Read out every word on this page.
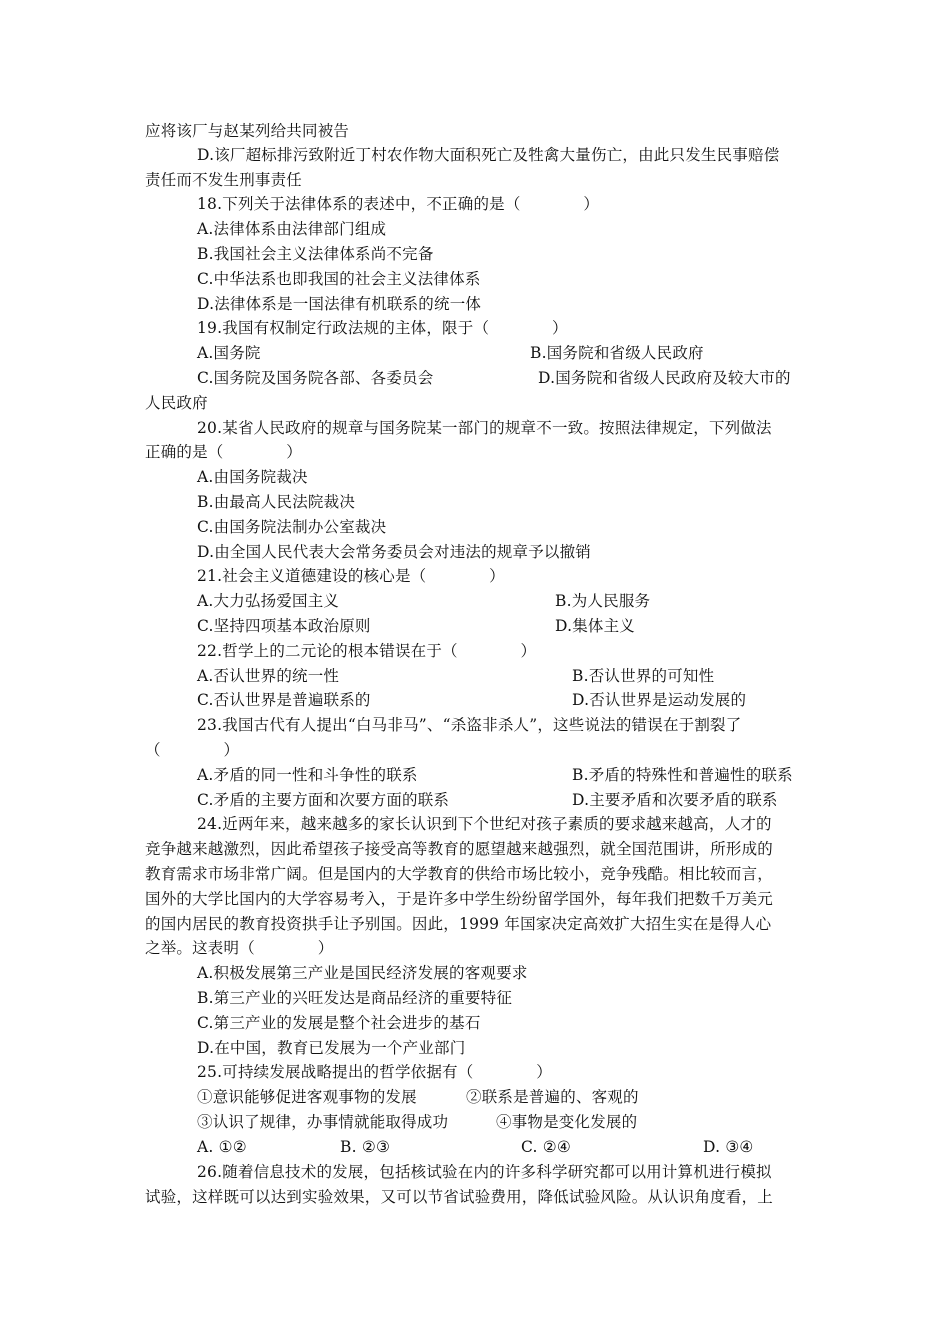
应将该厂与赵某列给共同被告
D.该厂超标排污致附近丁村农作物大面积死亡及牲禽大量伤亡，由此只发生民事赔偿
责任而不发生刑事责任
18.下列关于法律体系的表述中，不正确的是（　　　　）
A.法律体系由法律部门组成
B.我国社会主义法律体系尚不完备
C.中华法系也即我国的社会主义法律体系
D.法律体系是一国法律有机联系的统一体
19.我国有权制定行政法规的主体，限于（　　　　）
A.国务院	B.国务院和省级人民政府
C.国务院及国务院各部、各委员会	D.国务院和省级人民政府及较大市的
人民政府
20.某省人民政府的规章与国务院某一部门的规章不一致。按照法律规定，下列做法
正确的是（　　　　）
A.由国务院裁决
B.由最高人民法院裁决
C.由国务院法制办公室裁决
D.由全国人民代表大会常务委员会对违法的规章予以撤销
21.社会主义道德建设的核心是（　　　　）
A.大力弘扬爱国主义	B.为人民服务
C.坚持四项基本政治原则	D.集体主义
22.哲学上的二元论的根本错误在于（　　　　）
A.否认世界的统一性	B.否认世界的可知性
C.否认世界是普遍联系的	D.否认世界是运动发展的
23.我国古代有人提出“白马非马”、“杀盗非杀人”，这些说法的错误在于割裂了
（　　　　）
A.矛盾的同一性和斗争性的联系	B.矛盾的特殊性和普遍性的联系
C.矛盾的主要方面和次要方面的联系	D.主要矛盾和次要矛盾的联系
24.近两年来，越来越多的家长认识到下个世纪对孩子素质的要求越来越高，人才的
竞争越来越激烈，因此希望孩子接受高等教育的愿望越来越强烈，就全国范围讲，所形成的
教育需求市场非常广阔。但是国内的大学教育的供给市场比较小，竞争残酷。相比较而言，
国外的大学比国内的大学容易考入，于是许多中学生纷纷留学国外，每年我们把数千万美元
的国内居民的教育投资拱手让予别国。因此，1999 年国家决定高效扩大招生实在是得人心
之举。这表明（　　　　）
A.积极发展第三产业是国民经济发展的客观要求
B.第三产业的兴旺发达是商品经济的重要特征
C.第三产业的发展是整个社会进步的基石
D.在中国，教育已发展为一个产业部门
25.可持续发展战略提出的哲学依据有（　　　　）
①意识能够促进客观事物的发展	②联系是普遍的、客观的
③认识了规律，办事情就能取得成功	④事物是变化发展的
A. ①②	B. ②③	C. ②④	D. ③④
26.随着信息技术的发展，包括核试验在内的许多科学研究都可以用计算机进行模拟
试验，这样既可以达到实验效果，又可以节省试验费用，降低试验风险。从认识角度看，上
